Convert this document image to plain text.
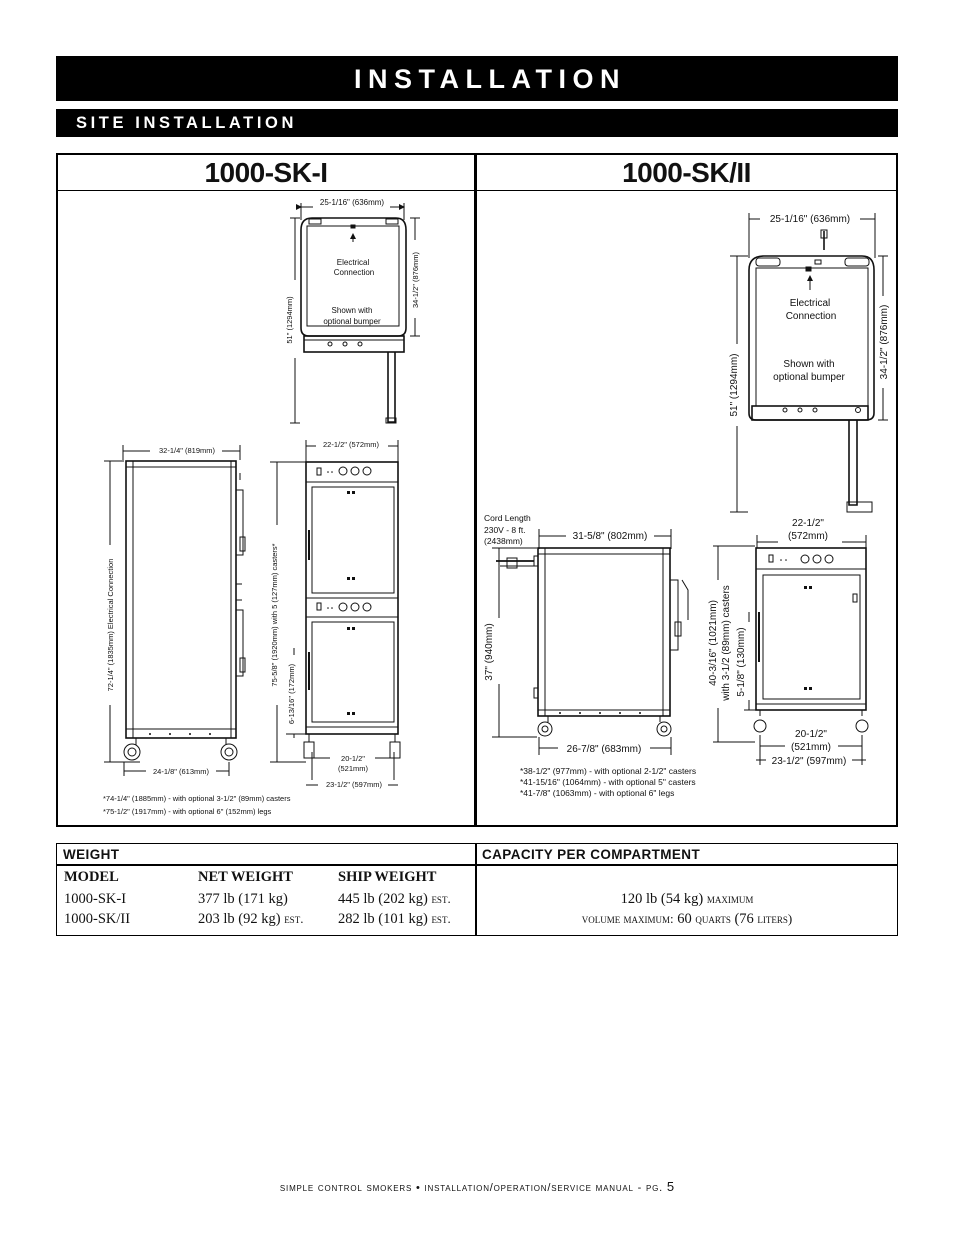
INSTALLATION
SITE INSTALLATION
1000-SK-I	1000-SK/II
25-1/16" (636mm)
Electrical
Connection
Shown with
optional bumper
34-1/2" (876mm)
51" (1294mm)
32-1/4" (819mm)
72-1/4" (1835mm) Electrical Connection
24-1/8" (613mm)
22-1/2" (572mm)
75-5/8" (1920mm) with 5 (127mm) casters*
6-13/16" (172mm)
20-1/2"
(521mm)
23-1/2" (597mm)
*74-1/4" (1885mm) - with optional 3-1/2" (89mm) casters
*75-1/2" (1917mm) - with optional 6" (152mm) legs
25-1/16" (636mm)
Electrical
Connection
Shown with
optional bumper	34-1/2" (876mm)
51" (1294mm)
Cord Length
230V - 8 ft.
(2438mm)	31-5/8" (802mm)
37" (940mm)
26-7/8" (683mm)
22-1/2"
(572mm)
40-3/16" (1021mm) with 3-1/2 (89mm) casters 5-1/8" (130mm)
20-1/2"
(521mm)
23-1/2" (597mm)
*38-1/2" (977mm) - with optional 2-1/2" casters
*41-15/16" (1064mm) - with optional 5" casters
*41-7/8" (1063mm) - with optional 6" legs
WEIGHT	CAPACITY PER COMPARTMENT
MODEL	NET WEIGHT	SHIP WEIGHT
1000-SK-I	377 lb (171 kg)	445 lb (202 kg) est.
1000-SK/II	203 lb (92 kg) est. 282 lb (101 kg) est.
120 lb (54 kg) maximum
volume maximum: 60 quarts (76 liters)
simple control smokers • installation/operation/service manual - pg. 5
